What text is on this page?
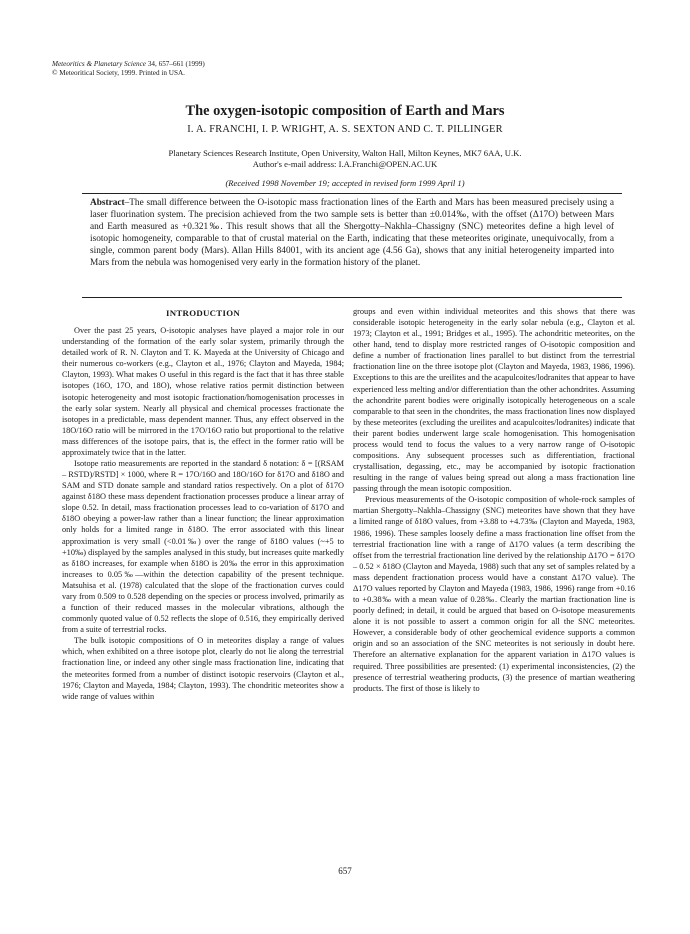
Meteoritics & Planetary Science 34, 657–661 (1999)
© Meteoritical Society, 1999. Printed in USA.
The oxygen-isotopic composition of Earth and Mars
I. A. FRANCHI, I. P. WRIGHT, A. S. SEXTON AND C. T. PILLINGER
Planetary Sciences Research Institute, Open University, Walton Hall, Milton Keynes, MK7 6AA, U.K.
Author's e-mail address: I.A.Franchi@OPEN.AC.UK
(Received 1998 November 19; accepted in revised form 1999 April 1)

Abstract–The small difference between the O-isotopic mass fractionation lines of the Earth and Mars has been measured precisely using a laser fluorination system. The precision achieved from the two sample sets is better than ±0.014‰, with the offset (Δ17O) between Mars and Earth measured as +0.321‰. This result shows that all the Shergotty–Nakhla–Chassigny (SNC) meteorites define a high level of isotopic homogeneity, comparable to that of crustal material on the Earth, indicating that these meteorites originate, unequivocally, from a single, common parent body (Mars). Allan Hills 84001, with its ancient age (4.56 Ga), shows that any initial heterogeneity imparted into Mars from the nebula was homogenised very early in the formation history of the planet.

INTRODUCTION

Over the past 25 years, O-isotopic analyses have played a major role in our understanding of the formation of the early solar system, primarily through the detailed work of R. N. Clayton and T. K. Mayeda at the University of Chicago and their numerous co-workers (e.g., Clayton et al., 1976; Clayton and Mayeda, 1984; Clayton, 1993). What makes O useful in this regard is the fact that it has three stable isotopes (16O, 17O, and 18O), whose relative ratios permit distinction between isotopic heterogeneity and most isotopic fractionation/homogenisation processes in the early solar system. Nearly all physical and chemical processes fractionate the isotopes in a predictable, mass dependent manner. Thus, any effect observed in the 18O/16O ratio will be mirrored in the 17O/16O ratio but proportional to the relative mass differences of the isotope pairs, that is, the effect in the former ratio will be approximately twice that in the latter.

Isotope ratio measurements are reported in the standard δ notation: δ = [(RSAM – RSTD)/RSTD] × 1000, where R = 17O/16O and 18O/16O for δ17O and δ18O and SAM and STD donate sample and standard ratios respectively. On a plot of δ17O against δ18O these mass dependent fractionation processes produce a linear array of slope 0.52. In detail, mass fractionation processes lead to co-variation of δ17O and δ18O obeying a power-law rather than a linear function; the linear approximation only holds for a limited range in δ18O. The error associated with this linear approximation is very small (<0.01‰) over the range of δ18O values (~+5 to +10‰) displayed by the samples analysed in this study, but increases quite markedly as δ18O increases, for example when δ18O is 20‰ the error in this approximation increases to 0.05‰—within the detection capability of the present technique. Matsuhisa et al. (1978) calculated that the slope of the fractionation curves could vary from 0.509 to 0.528 depending on the species or process involved, primarily as a function of their reduced masses in the molecular vibrations, although the commonly quoted value of 0.52 reflects the slope of 0.516, they empirically derived from a suite of terrestrial rocks.

The bulk isotopic compositions of O in meteorites display a range of values which, when exhibited on a three isotope plot, clearly do not lie along the terrestrial fractionation line, or indeed any other single mass fractionation line, indicating that the meteorites formed from a number of distinct isotopic reservoirs (Clayton et al., 1976; Clayton and Mayeda, 1984; Clayton, 1993). The chondritic meteorites show a wide range of values within

groups and even within individual meteorites and this shows that there was considerable isotopic heterogeneity in the early solar nebula (e.g., Clayton et al. 1973; Clayton et al., 1991; Bridges et al., 1995). The achondritic meteorites, on the other hand, tend to display more restricted ranges of O-isotopic composition and define a number of fractionation lines parallel to but distinct from the terrestrial fractionation line on the three isotope plot (Clayton and Mayeda, 1983, 1986, 1996). Exceptions to this are the ureilites and the acapulcoites/lodranites that appear to have experienced less melting and/or differentiation than the other achondrites. Assuming the achondrite parent bodies were originally isotopically heterogeneous on a scale comparable to that seen in the chondrites, the mass fractionation lines now displayed by these meteorites (excluding the ureilites and acapulcoites/lodranites) indicate that their parent bodies underwent large scale homogenisation. This homogenisation process would tend to focus the values to a very narrow range of O-isotopic compositions. Any subsequent processes such as differentiation, fractional crystallisation, degassing, etc., may be accompanied by isotopic fractionation resulting in the range of values being spread out along a mass fractionation line passing through the mean isotopic composition.

Previous measurements of the O-isotopic composition of whole-rock samples of martian Shergotty–Nakhla–Chassigny (SNC) meteorites have shown that they have a limited range of δ18O values, from +3.88 to +4.73‰ (Clayton and Mayeda, 1983, 1986, 1996). These samples loosely define a mass fractionation line offset from the terrestrial fractionation line with a range of Δ17O values (a term describing the offset from the terrestrial fractionation line derived by the relationship Δ17O = δ17O – 0.52 × δ18O (Clayton and Mayeda, 1988) such that any set of samples related by a mass dependent fractionation process would have a constant Δ17O value). The Δ17O values reported by Clayton and Mayeda (1983, 1986, 1996) range from +0.16 to +0.38‰ with a mean value of 0.28‰. Clearly the martian fractionation line is poorly defined; in detail, it could be argued that based on O-isotope measurements alone it is not possible to assert a common origin for all the SNC meteorites. However, a considerable body of other geochemical evidence supports a common origin and so an association of the SNC meteorites is not seriously in doubt here. Therefore an alternative explanation for the apparent variation in Δ17O values is required. Three possibilities are presented: (1) experimental inconsistencies, (2) the presence of terrestrial weathering products, (3) the presence of martian weathering products. The first of those is likely to

657
